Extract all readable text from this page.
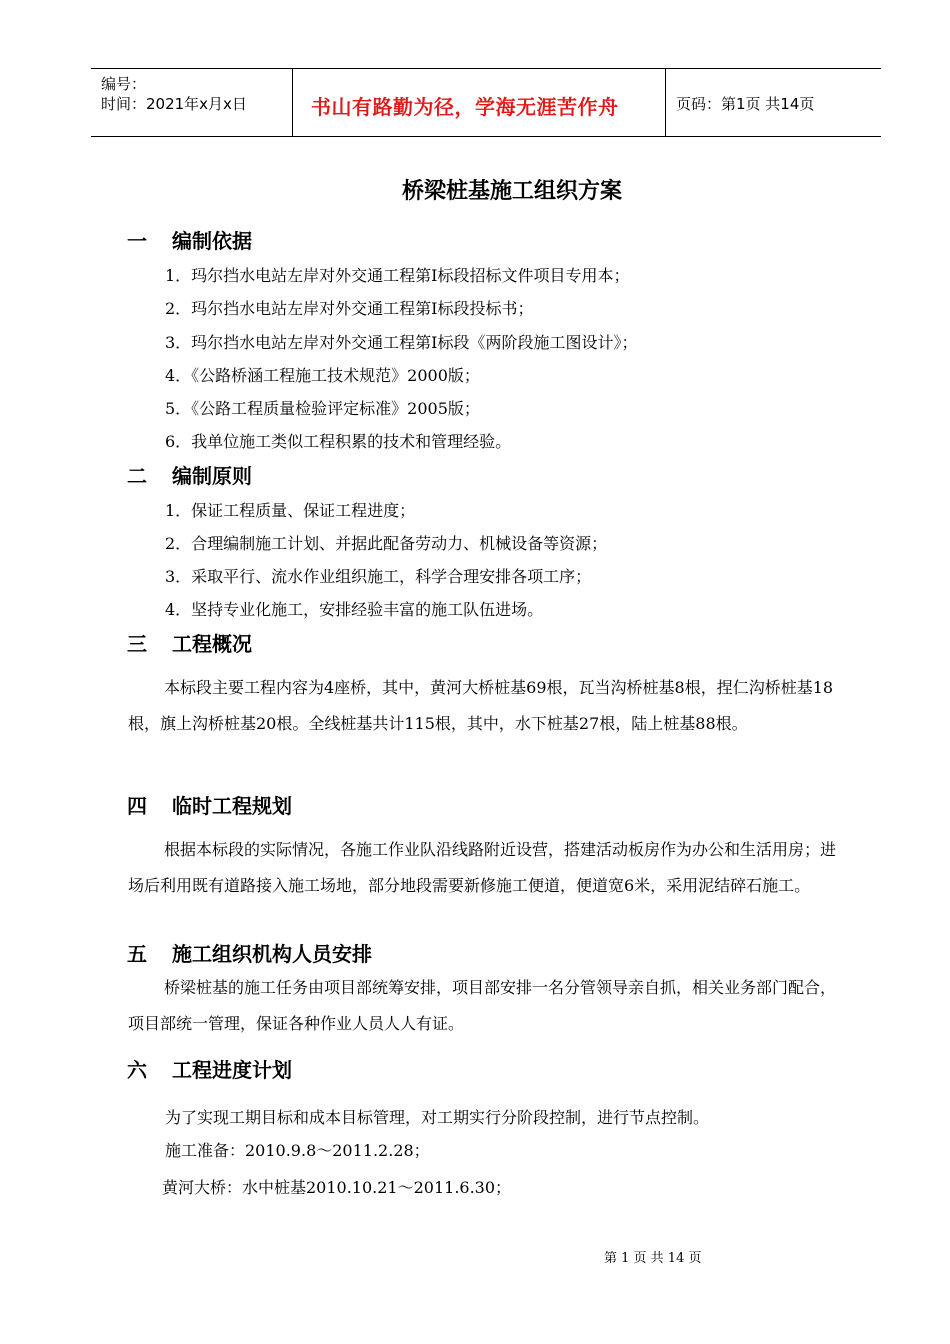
编号：
时间：2021年x月x日	书山有路勤为径，学海无涯苦作舟	页码：第1页 共14页
桥梁桩基施工组织方案
一 编制依据
1．玛尔挡水电站左岸对外交通工程第Ⅰ标段招标文件项目专用本；
2．玛尔挡水电站左岸对外交通工程第Ⅰ标段投标书；
3．玛尔挡水电站左岸对外交通工程第Ⅰ标段《两阶段施工图设计》；
4．《公路桥涵工程施工技术规范》2000版；
5．《公路工程质量检验评定标准》2005版；
6．我单位施工类似工程积累的技术和管理经验。
二 编制原则
1．保证工程质量、保证工程进度；
2．合理编制施工计划、并据此配备劳动力、机械设备等资源；
3．采取平行、流水作业组织施工，科学合理安排各项工序；
4．坚持专业化施工，安排经验丰富的施工队伍进场。
三 工程概况
本标段主要工程内容为4座桥，其中，黄河大桥桩基69根，瓦当沟桥桩基8根，捏仁沟桥桩基18根，旗上沟桥桩基20根。全线桩基共计115根，其中，水下桩基27根，陆上桩基88根。
四 临时工程规划
根据本标段的实际情况，各施工作业队沿线路附近设营，搭建活动板房作为办公和生活用房；进场后利用既有道路接入施工场地，部分地段需要新修施工便道，便道宽6米，采用泥结碎石施工。
五 施工组织机构人员安排
桥梁桩基的施工任务由项目部统筹安排，项目部安排一名分管领导亲自抓，相关业务部门配合，项目部统一管理，保证各种作业人员人人有证。
六 工程进度计划
为了实现工期目标和成本目标管理，对工期实行分阶段控制，进行节点控制。
施工准备：2010.9.8～2011.2.28；
黄河大桥：水中桩基2010.10.21～2011.6.30；
第 1 页 共 14 页
